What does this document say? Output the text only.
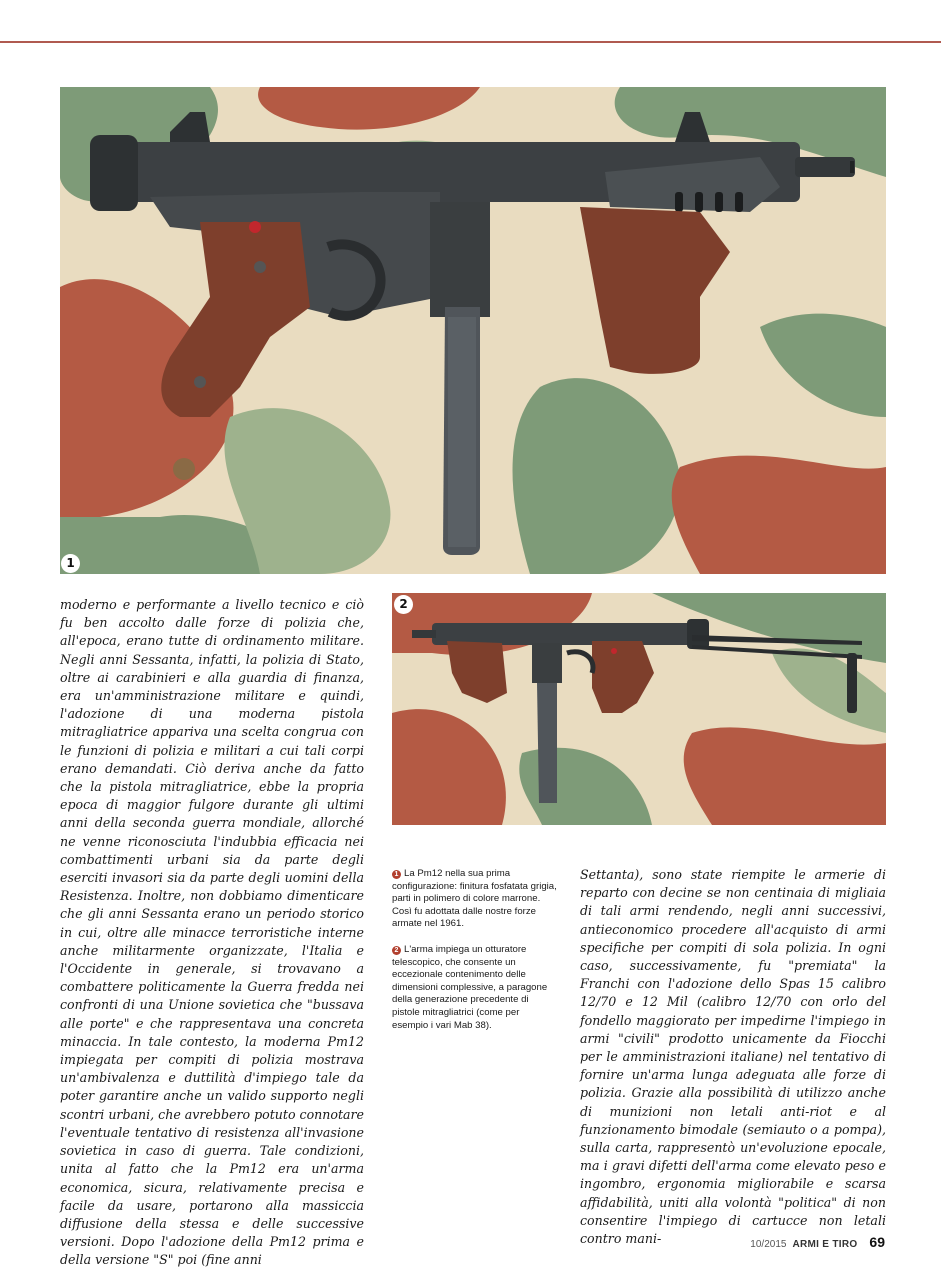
1
2

moderno e performante a livello tecnico e ciò fu ben accolto dalle forze di polizia che, all'epoca, erano tutte di ordinamento militare. Negli anni Sessanta, infatti, la polizia di Stato, oltre ai carabinieri e alla guardia di finanza, era un'amministrazione militare e quindi, l'adozione di una moderna pistola mitragliatrice appariva una scelta congrua con le funzioni di polizia e militari a cui tali corpi erano demandati. Ciò deriva anche da fatto che la pistola mitragliatrice, ebbe la propria epoca di maggior fulgore durante gli ultimi anni della seconda guerra mondiale, allorché ne venne riconosciuta l'indubbia efficacia nei combattimenti urbani sia da parte degli eserciti invasori sia da parte degli uomini della Resistenza. Inoltre, non dobbiamo dimenticare che gli anni Sessanta erano un periodo storico in cui, oltre alle minacce terroristiche interne anche militarmente organizzate, l'Italia e l'Occidente in generale, si trovavano a combattere politicamente la Guerra fredda nei confronti di una Unione sovietica che "bussava alle porte" e che rappresentava una concreta minaccia. In tale contesto, la moderna Pm12 impiegata per compiti di polizia mostrava un'ambivalenza e duttilità d'impiego tale da poter garantire anche un valido supporto negli scontri urbani, che avrebbero potuto connotare l'eventuale tentativo di resistenza all'invasione sovietica in caso di guerra. Tale condizioni, unita al fatto che la Pm12 era un'arma economica, sicura, relativamente precisa e facile da usare, portarono alla massiccia diffusione della stessa e delle successive versioni. Dopo l'adozione della Pm12 prima e della versione "S" poi (fine anni

1 La Pm12 nella sua prima configurazione: finitura fosfatata grigia, parti in polimero di colore marrone. Così fu adottata dalle nostre forze armate nel 1961.

2 L'arma impiega un otturatore telescopico, che consente un eccezionale contenimento delle dimensioni complessive, a paragone della generazione precedente di pistole mitragliatrici (come per esempio i vari Mab 38).

Settanta), sono state riempite le armerie di reparto con decine se non centinaia di migliaia di tali armi rendendo, negli anni successivi, antieconomico procedere all'acquisto di armi specifiche per compiti di sola polizia. In ogni caso, successivamente, fu "premiata" la Franchi con l'adozione dello Spas 15 calibro 12/70 e 12 Mil (calibro 12/70 con orlo del fondello maggiorato per impedirne l'impiego in armi "civili" prodotto unicamente da Fiocchi per le amministrazioni italiane) nel tentativo di fornire un'arma lunga adeguata alle forze di polizia. Grazie alla possibilità di utilizzo anche di munizioni non letali anti-riot e al funzionamento bimodale (semiauto o a pompa), sulla carta, rappresentò un'evoluzione epocale, ma i gravi difetti dell'arma come elevato peso e ingombro, ergonomia migliorabile e scarsa affidabilità, uniti alla volontà "politica" di non consentire l'impiego di cartucce non letali contro mani-	10/2015 ARMI E TIRO 69
